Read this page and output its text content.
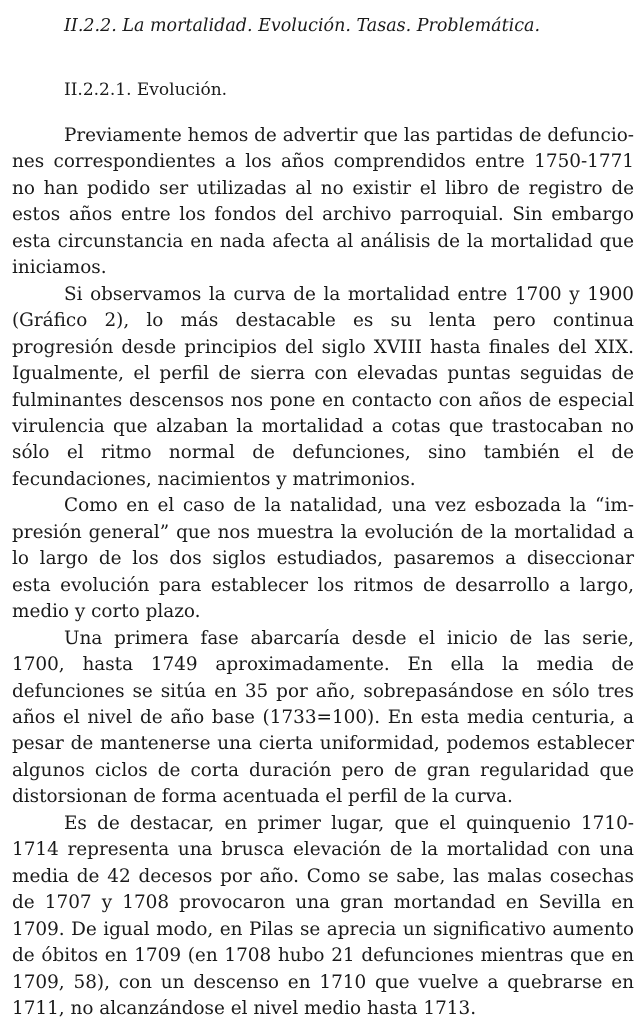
II.2.2. La mortalidad. Evolución. Tasas. Problemática.
II.2.2.1. Evolución.

Previamente hemos de advertir que las partidas de defunciones correspondientes a los años comprendidos entre 1750-1771 no han podido ser utilizadas al no existir el libro de registro de estos años entre los fondos del archivo parroquial. Sin embargo esta circunstancia en nada afecta al análisis de la mortalidad que iniciamos.

Si observamos la curva de la mortalidad entre 1700 y 1900 (Gráfico 2), lo más destacable es su lenta pero continua progresión desde principios del siglo XVIII hasta finales del XIX. Igualmente, el perfil de sierra con elevadas puntas seguidas de fulminantes descensos nos pone en contacto con años de especial virulencia que alzaban la mortalidad a cotas que trastocaban no sólo el ritmo normal de defunciones, sino también el de fecundaciones, nacimientos y matrimonios.

Como en el caso de la natalidad, una vez esbozada la “impresión general” que nos muestra la evolución de la mortalidad a lo largo de los dos siglos estudiados, pasaremos a diseccionar esta evolución para establecer los ritmos de desarrollo a largo, medio y corto plazo.

Una primera fase abarcaría desde el inicio de las serie, 1700, hasta 1749 aproximadamente. En ella la media de defunciones se sitúa en 35 por año, sobrepasándose en sólo tres años el nivel de año base (1733=100). En esta media centuria, a pesar de mantenerse una cierta uniformidad, podemos establecer algunos ciclos de corta duración pero de gran regularidad que distorsionan de forma acentuada el perfil de la curva.

Es de destacar, en primer lugar, que el quinquenio 1710-1714 representa una brusca elevación de la mortalidad con una media de 42 decesos por año. Como se sabe, las malas cosechas de 1707 y 1708 provocaron una gran mortandad en Sevilla en 1709. De igual modo, en Pilas se aprecia un significativo aumento de óbitos en 1709 (en 1708 hubo 21 defunciones mientras que en 1709, 58), con un descenso en 1710 que vuelve a quebrarse en 1711, no alcanzándose el nivel medio hasta 1713.
